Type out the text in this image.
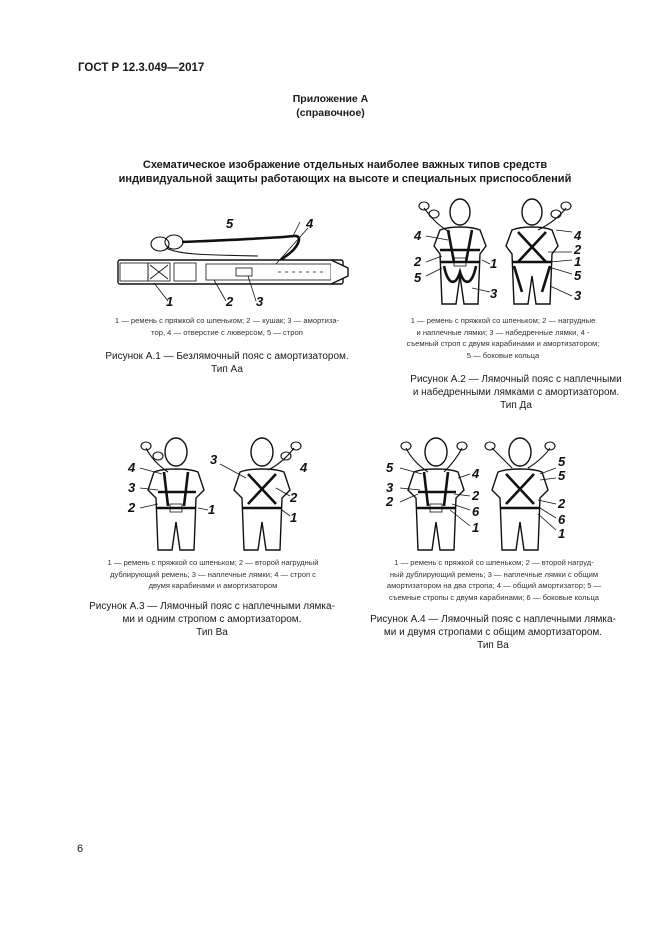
ГОСТ Р 12.3.049—2017
Приложение А
(справочное)
Схематическое изображение отдельных наиболее важных типов средств
индивидуальной защиты работающих на высоте и специальных приспособлений
1	2 3
4
5
1 — ремень с пряжкой со шпеньком; 2 — кушак; 3 — амортиза-
тор, 4 — отверстие с люверсом, 5 — строп
Рисунок А.1 — Безлямочный пояс с амортизатором.
Тип Аа
4
2
5
1
3
4
2
1
5
3
1 — ремень с пряжкой со шпеньком; 2 — нагрудные
и наплечные лямки; 3 — набедренные лямки, 4 -
съемный строп с двумя карабинами и амортизатором;
5 — боковые кольца
Рисунок А.2 — Лямочный пояс с наплечными
и набедренными лямками с амортизатором.
Тип Да
4
3
2	1
3
4
2
1
1 — ремень с пряжкой со шпеньком; 2 — второй нагрудный
дублирующий ремень; 3 — наплечные лямки; 4 — строп с
двумя карабинами и амортизатором
Рисунок А.3 — Лямочный пояс с наплечными лямка-
ми и одним стропом с амортизатором.
Тип Ва
5
3
2
4
2
6
1
5
5
2
6
1
1 — ремень с пряжкой со шпеньком; 2 — второй нагруд-
ный дублирующий ремень; 3 — наплечные лямки с общим
амортизатором на два стропа; 4 — общий амортизатор; 5 —
съемные стропы с двумя карабинами; 6 — боковые кольца
Рисунок А.4 — Лямочный пояс с наплечными лямка-
ми и двумя стропами с общим амортизатором.
Тип Ва
6
